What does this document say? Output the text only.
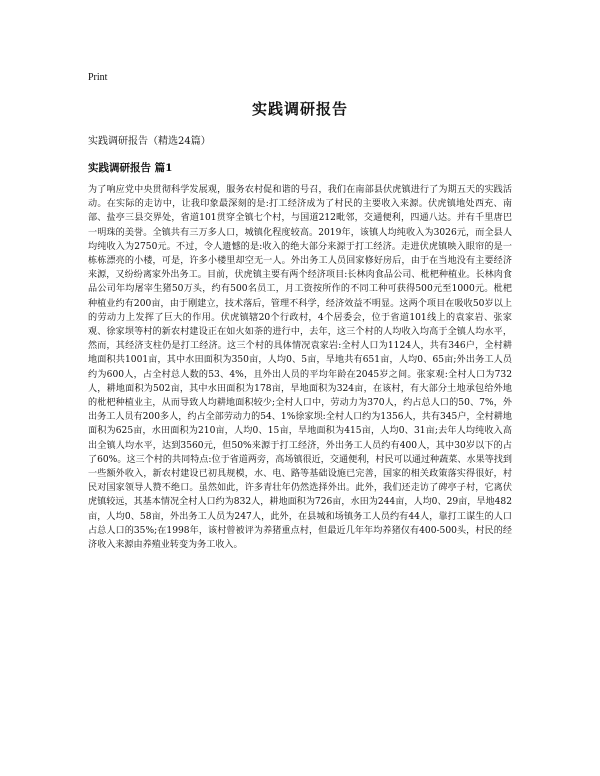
Print
实践调研报告
实践调研报告（精选24篇）
实践调研报告 篇1
为了响应党中央贯彻科学发展观，服务农村促和谐的号召，我们在南部县伏虎镇进行了为期五天的实践活动。在实际的走访中，让我印象最深刻的是:打工经济成为了村民的主要收入来源。伏虎镇地处西充、南部、盐亭三县交界处，省道101贯穿全镇七个村，与国道212毗邻，交通便利，四通八达。并有千里唐巴一明珠的美誉。全镇共有三万多人口，城镇化程度较高。2019年，该镇人均纯收入为3026元，而全县人均纯收入为2750元。不过，令人遗憾的是:收入的绝大部分来源于打工经济。走进伏虎镇映入眼帘的是一栋栋漂亮的小楼，可是，许多小楼里却空无一人。外出务工人员回家修好房后，由于在当地没有主要经济来源，又纷纷离家外出务工。目前，伏虎镇主要有两个经济项目:长林肉食品公司、枇杷种植业。长林肉食品公司年均屠宰生猪50万头，约有500名员工，月工资按所作的不同工种可获得500元至1000元。枇杷种植业约有200亩，由于刚建立，技术落后，管理不科学，经济效益不明显。这两个项目在吸收50岁以上的劳动力上发挥了巨大的作用。伏虎镇辖20个行政村，4个居委会，位于省道101线上的袁家岩、张家观、徐家坝等村的新农村建设正在如火如荼的进行中，去年，这三个村的人均收入均高于全镇人均水平，然而，其经济支柱仍是打工经济。这三个村的具体情况袁家岩:全村人口为1124人，共有346户，全村耕地面积共1001亩，其中水田面积为350亩，人均0、5亩，旱地共有651亩，人均0、65亩;外出务工人员约为600人，占全村总人数的53、4%，且外出人员的平均年龄在2045岁之间。张家观:全村人口为732人，耕地面积为502亩，其中水田面积为178亩，旱地面积为324亩，在该村，有大部分土地承包给外地的枇杷种植业主，从而导致人均耕地面积较少;全村人口中，劳动力为370人，约占总人口的50、7%，外出务工人员有200多人，约占全部劳动力的54、1%徐家坝:全村人口约为1356人，共有345户，全村耕地面积为625亩，水田面积为210亩，人均0、15亩，旱地面积为415亩，人均0、31亩;去年人均纯收入高出全镇人均水平，达到3560元，但50%来源于打工经济，外出务工人员约有400人，其中30岁以下的占了60%。这三个村的共同特点:位于省道两旁，高场镇很近，交通便利，村民可以通过种蔬菜、水果等找到一些额外收入，新农村建设已初具规模，水、电、路等基础设施已完善，国家的相关政策落实得很好，村民对国家领导人赞不绝口。虽然如此，许多青壮年仍然选择外出。此外，我们还走访了碑亭子村，它离伏虎镇较远，其基本情况全村人口约为832人，耕地面积为726亩，水田为244亩，人均0、29亩，旱地482亩，人均0、58亩，外出务工人员为247人，此外，在县城和场镇务工人员约有44人，靠打工谋生的人口占总人口的35%;在1998年，该村曾被评为养猪重点村，但最近几年年均养猪仅有400-500头，村民的经济收入来源由养殖业转变为务工收入。
